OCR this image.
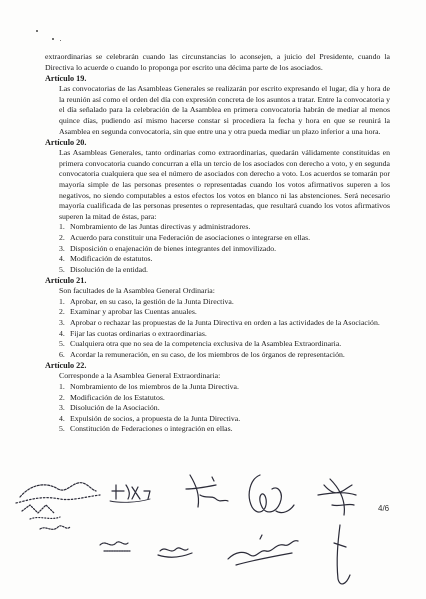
extraordinarias se celebrarán cuando las circunstancias lo aconsejen, a juicio del Presidente, cuando la Directiva lo acuerde o cuando lo proponga por escrito una décima parte de los asociados.

Artículo 19.

Las convocatorias de las Asambleas Generales se realizarán por escrito expresando el lugar, día y hora de la reunión así como el orden del día con expresión concreta de los asuntos a tratar. Entre la convocatoria y el día señalado para la celebración de la Asamblea en primera convocatoria habrán de mediar al menos quince días, pudiendo así mismo hacerse constar si procediera la fecha y hora en que se reunirá la Asamblea en segunda convocatoria, sin que entre una y otra pueda mediar un plazo inferior a una hora.

Artículo 20.

Las Asambleas Generales, tanto ordinarias como extraordinarias, quedarán válidamente constituidas en primera convocatoria cuando concurran a ella un tercio de los asociados con derecho a voto, y en segunda convocatoria cualquiera que sea el número de asociados con derecho a voto. Los acuerdos se tomarán por mayoría simple de las personas presentes o representadas cuando los votos afirmativos superen a los negativos, no siendo computables a estos efectos los votos en blanco ni las abstenciones. Será necesario mayoría cualificada de las personas presentes o representadas, que resultará cuando los votos afirmativos superen la mitad de éstas, para:

1. Nombramiento de las Juntas directivas y administradores.
2. Acuerdo para constituir una Federación de asociaciones o integrarse en ellas.
3. Disposición o enajenación de bienes integrantes del inmovilizado.
4. Modificación de estatutos.
5. Disolución de la entidad.

Artículo 21.

Son facultades de la Asamblea General Ordinaria:

1. Aprobar, en su caso, la gestión de la Junta Directiva.
2. Examinar y aprobar las Cuentas anuales.
3. Aprobar o rechazar las propuestas de la Junta Directiva en orden a las actividades de la Asociación.
4. Fijar las cuotas ordinarias o extraordinarias.
5. Cualquiera otra que no sea de la competencia exclusiva de la Asamblea Extraordinaria.
6. Acordar la remuneración, en su caso, de los miembros de los órganos de representación.

Artículo 22.

Corresponde a la Asamblea General Extraordinaria:

1. Nombramiento de los miembros de la Junta Directiva.
2. Modificación de los Estatutos.
3. Disolución de la Asociación.
4. Expulsión de socios, a propuesta de la Junta Directiva.
5. Constitución de Federaciones o integración en ellas.
4/6
